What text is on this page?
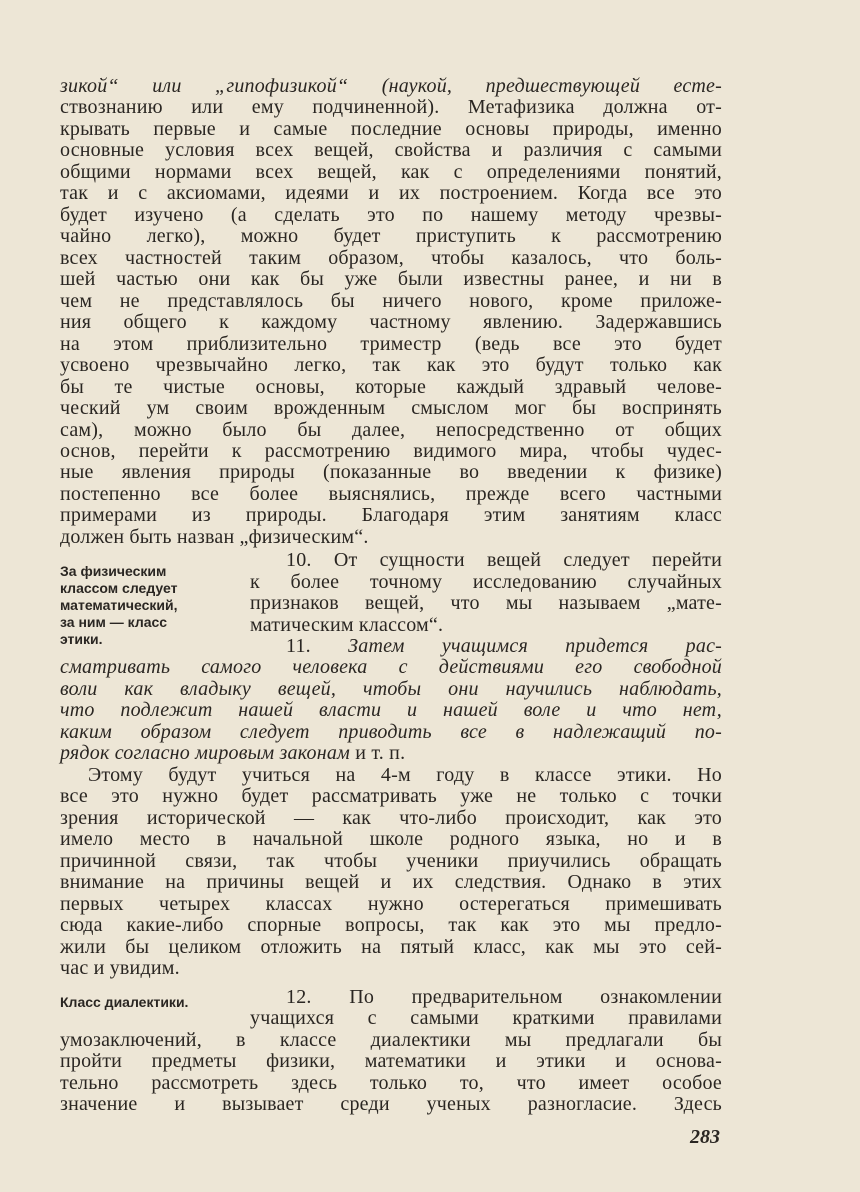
зикой“ или „гипофизикой“ (наукой, предшествующей есте-
ствознанию или ему подчиненной). Метафизика должна от-
крывать первые и самые последние основы природы, именно
основные условия всех вещей, свойства и различия с самыми
общими нормами всех вещей, как с определениями понятий,
так и с аксиомами, идеями и их построением. Когда все это
будет изучено (а сделать это по нашему методу чрезвы-
чайно легко), можно будет приступить к рассмотрению
всех частностей таким образом, чтобы казалось, что боль-
шей частью они как бы уже были известны ранее, и ни в
чем не представлялось бы ничего нового, кроме приложе-
ния общего к каждому частному явлению. Задержавшись
на этом приблизительно триместр (ведь все это будет
усвоено чрезвычайно легко, так как это будут только как
бы те чистые основы, которые каждый здравый челове-
ческий ум своим врожденным смыслом мог бы воспринять
сам), можно было бы далее, непосредственно от общих
основ, перейти к рассмотрению видимого мира, чтобы чудес-
ные явления природы (показанные во введении к физике)
постепенно все более выяснялись, прежде всего частными
примерами из природы. Благодаря этим занятиям класс
должен быть назван „физическим“.
10. От сущности вещей следует перейти
к более точному исследованию случайных
признаков вещей, что мы называем „мате-
матическим классом“.
За физическим
классом следует
математический,
за ним — класс
этики.	11. Затем учащимся придется рас-
сматривать самого человека с действиями его свободной
воли как владыку вещей, чтобы они научились наблюдать,
что подлежит нашей власти и нашей воле и что нет,
каким образом следует приводить все в надлежащий по-
рядок согласно мировым законам и т. п.
Этому будут учиться на 4-м году в классе этики. Но
все это нужно будет рассматривать уже не только с точки
зрения исторической — как что-либо происходит, как это
имело место в начальной школе родного языка, но и в
причинной связи, так чтобы ученики приучились обращать
внимание на причины вещей и их следствия. Однако в этих
первых четырех классах нужно остерегаться примешивать
сюда какие-либо спорные вопросы, так как это мы предло-
жили бы целиком отложить на пятый класс, как мы это сей-
час и увидим.
Класс диалектики.
283
12. По предварительном ознакомлении
учащихся с самыми краткими правилами
умозаключений, в классе диалектики мы предлагали бы
пройти предметы физики, математики и этики и основа-
тельно рассмотреть здесь только то, что имеет особое
значение и вызывает среди ученых разногласие. Здесь
